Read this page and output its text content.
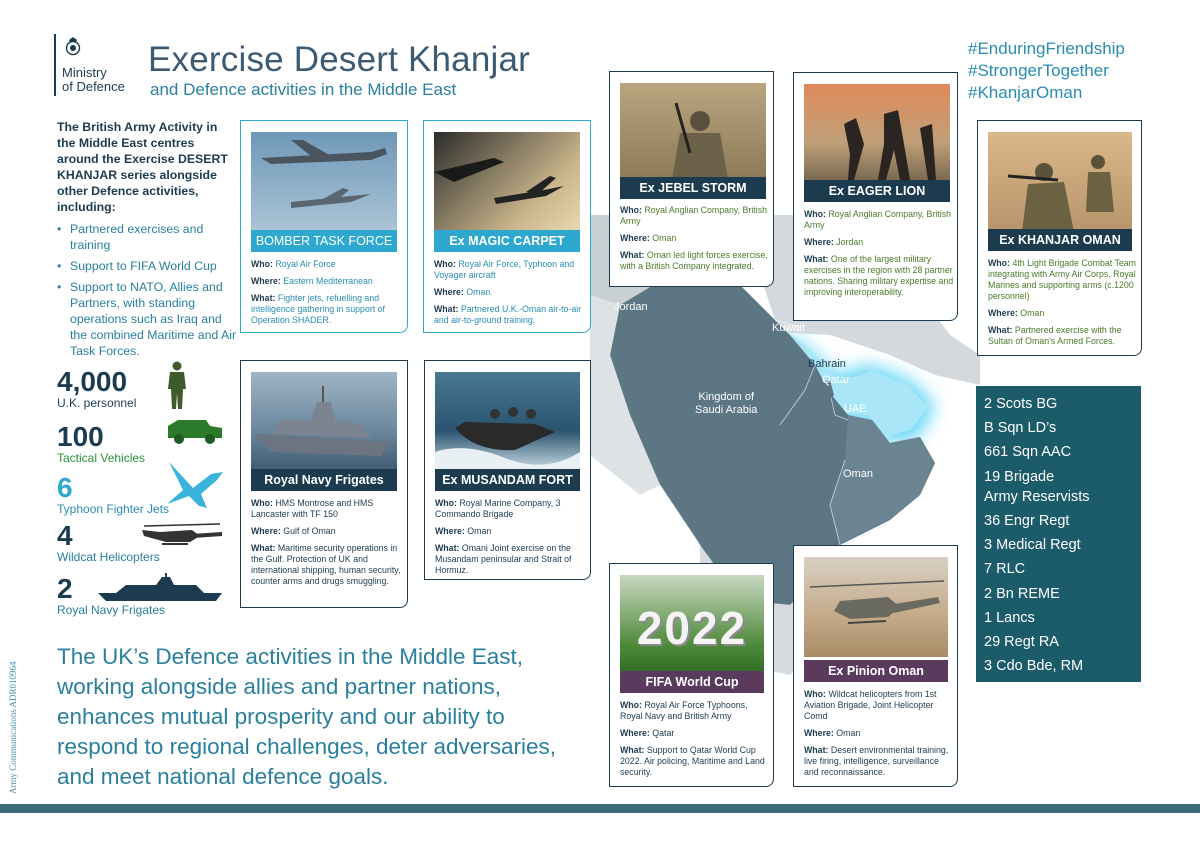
Jordan
Kuwait
Bahrain
Qatar
UAE
Oman
Kingdom of
Saudi Arabia
Ministry
of Defence
Exercise Desert Khanjar
and Defence activities in the Middle East
#EnduringFriendship
#StrongerTogether
#KhanjarOman
The British Army Activity in the Middle East centres around the Exercise DESERT KHANJAR series alongside other Defence activities, including:
• Partnered exercises and training
• Support to FIFA World Cup
• Support to NATO, Allies and Partners, with standing operations such as Iraq and the combined Maritime and Air Task Forces.
4,000
U.K. personnel
100
Tactical Vehicles
6
Typhoon Fighter Jets
4
Wildcat Helicopters
2
Royal Navy Frigates
The UK’s Defence activities in the Middle East, working alongside allies and partner nations, enhances mutual prosperity and our ability to respond to regional challenges, deter adversaries, and meet national defence goals.
Army Communications ADR010964
BOMBER TASK FORCE

Who: Royal Air Force

Where: Eastern Mediterranean

What: Fighter jets, refuelling and intelligence gathering in support of Operation SHADER.

Ex MAGIC CARPET

Who: Royal Air Force, Typhoon and Voyager aircraft

Where: Oman

What: Partnered U.K.-Oman air-to-air and air-to-ground training.

Ex JEBEL STORM

Who: Royal Anglian Company, British Army

Where: Oman

What: Oman led light forces exercise, with a British Company integrated.

Ex EAGER LION

Who: Royal Anglian Company, British Army

Where: Jordan

What: One of the largest military exercises in the region with 28 partner nations. Sharing military expertise and improving interoperability.

Ex KHANJAR OMAN

Who: 4th Light Brigade Combat Team integrating with Army Air Corps, Royal Marines and supporting arms (c.1200 personnel)

Where: Oman

What: Partnered exercise with the Sultan of Oman’s Armed Forces.

Royal Navy Frigates

Who: HMS Montrose and HMS Lancaster with TF 150

Where: Gulf of Oman

What: Maritime security operations in the Gulf. Protection of UK and international shipping, human security, counter arms and drugs smuggling.

Ex MUSANDAM FORT

Who: Royal Marine Company, 3 Commando Brigade

Where: Oman

What: Omani Joint exercise on the Musandam peninsular and Strait of Hormuz.

2022
FIFA World Cup

Who: Royal Air Force Typhoons, Royal Navy and British Army

Where: Qatar

What: Support to Qatar World Cup 2022. Air policing, Maritime and Land security.

Ex Pinion Oman

Who: Wildcat helicopters from 1st Aviation Brigade, Joint Helicopter Comd

Where: Oman

What: Desert environmental training, live firing, intelligence, surveillance and reconnaissance.

2 Scots BG
B Sqn LD’s
661 Sqn AAC
19 Brigade
Army Reservists
36 Engr Regt
3 Medical Regt
7 RLC
2 Bn REME
1 Lancs
29 Regt RA
3 Cdo Bde, RM
